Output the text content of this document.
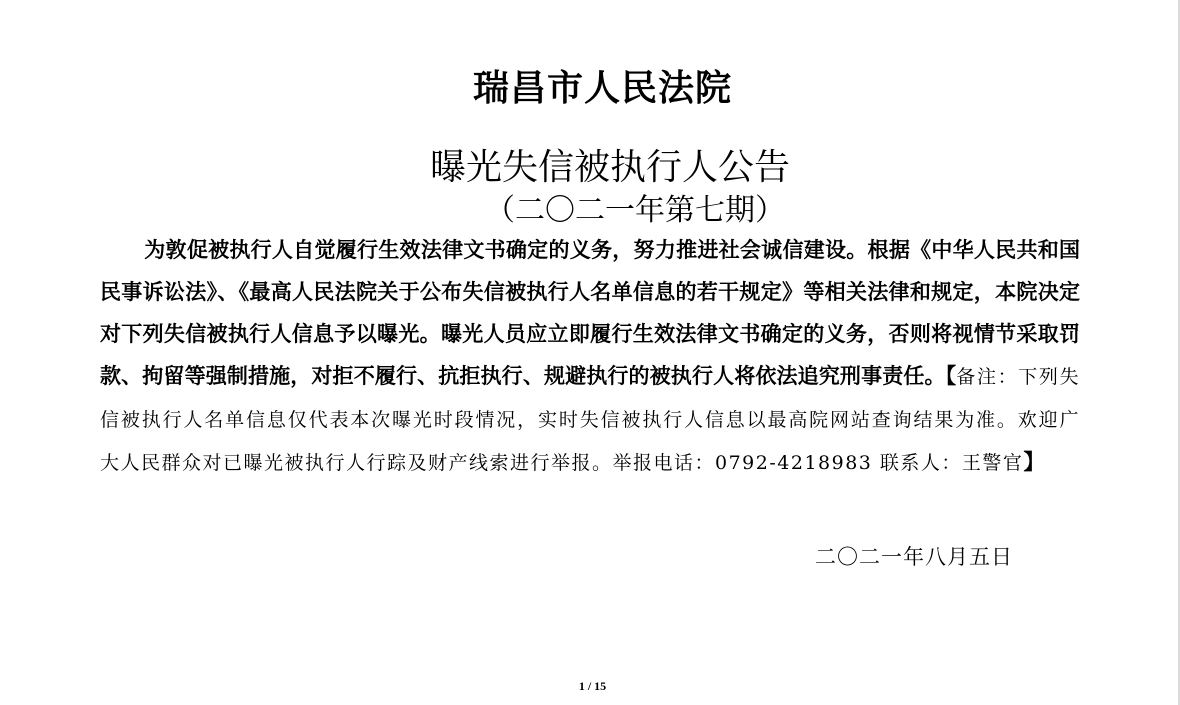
瑞昌市人民法院
曝光失信被执行人公告
（二〇二一年第七期）
为敦促被执行人自觉履行生效法律文书确定的义务，努力推进社会诚信建设。根据《中华人民共和国民事诉讼法》、《最高人民法院关于公布失信被执行人名单信息的若干规定》等相关法律和规定，本院决定对下列失信被执行人信息予以曝光。曝光人员应立即履行生效法律文书确定的义务，否则将视情节采取罚款、拘留等强制措施，对拒不履行、抗拒执行、规避执行的被执行人将依法追究刑事责任。【备注：下列失信被执行人名单信息仅代表本次曝光时段情况，实时失信被执行人信息以最高院网站查询结果为准。欢迎广大人民群众对已曝光被执行人行踪及财产线索进行举报。举报电话：0792-4218983 联系人：王警官】
二〇二一年八月五日
1 / 15
